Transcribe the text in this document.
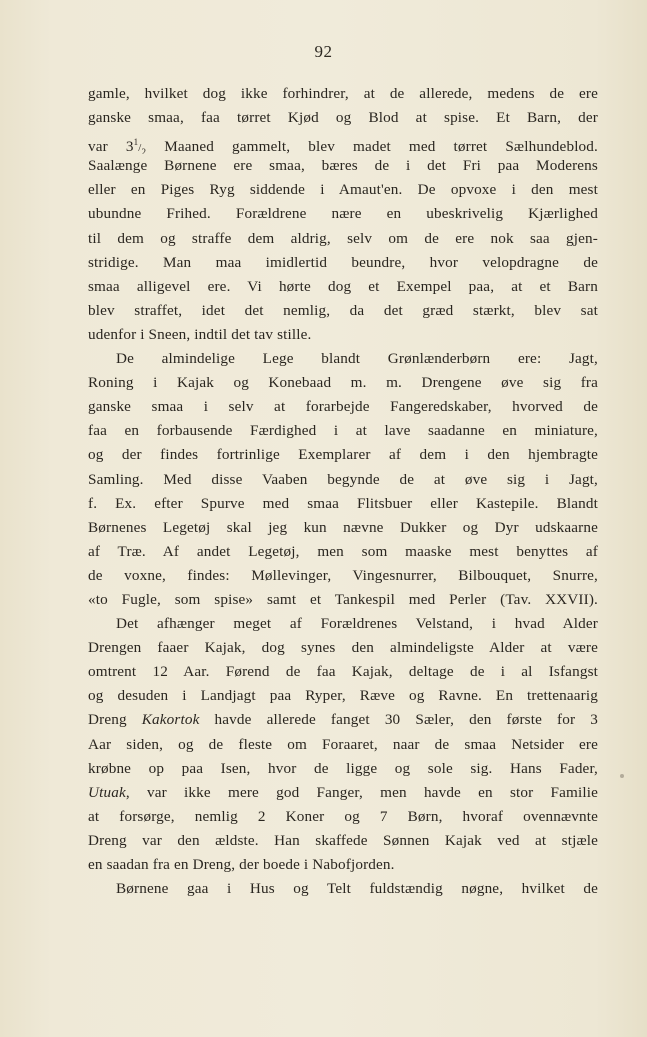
92
gamle, hvilket dog ikke forhindrer, at de allerede, medens de ere
ganske smaa, faa tørret Kjød og Blod at spise. Et Barn, der
var $3^1/_2$ Maaned gammelt, blev madet med tørret Sælhundeblod.
Saalænge Børnene ere smaa, bæres de i det Fri paa Moderens
eller en Piges Ryg siddende i Amaut'en. De opvoxe i den mest
ubundne Frihed. Forældrene nære en ubeskrivelig Kjærlighed
til dem og straffe dem aldrig, selv om de ere nok saa gjen-
stridige. Man maa imidlertid beundre, hvor velopdragne de
smaa alligevel ere. Vi hørte dog et Exempel paa, at et Barn
blev straffet, idet det nemlig, da det græd stærkt, blev sat
udenfor i Sneen, indtil det tav stille.
De almindelige Lege blandt Grønlænderbørn ere: Jagt,
Roning i Kajak og Konebaad m. m. Drengene øve sig fra
ganske smaa i selv at forarbejde Fangeredskaber, hvorved de
faa en forbausende Færdighed i at lave saadanne en miniature,
og der findes fortrinlige Exemplarer af dem i den hjembragte
Samling. Med disse Vaaben begynde de at øve sig i Jagt,
f. Ex. efter Spurve med smaa Flitsbuer eller Kastepile. Blandt
Børnenes Legetøj skal jeg kun nævne Dukker og Dyr udskaarne
af Træ. Af andet Legetøj, men som maaske mest benyttes af
de voxne, findes: Møllevinger, Vingesnurrer, Bilbouquet, Snurre,
«to Fugle, som spise» samt et Tankespil med Perler (Tav. XXVII).
Det afhænger meget af Forældrenes Velstand, i hvad Alder
Drengen faaer Kajak, dog synes den almindeligste Alder at være
omtrent 12 Aar. Førend de faa Kajak, deltage de i al Isfangst
og desuden i Landjagt paa Ryper, Ræve og Ravne. En trettenaarig
Dreng Kakortok havde allerede fanget 30 Sæler, den første for 3
Aar siden, og de fleste om Foraaret, naar de smaa Netsider ere
krøbne op paa Isen, hvor de ligge og sole sig. Hans Fader,
Utuak, var ikke mere god Fanger, men havde en stor Familie
at forsørge, nemlig 2 Koner og 7 Børn, hvoraf ovennævnte
Dreng var den ældste. Han skaffede Sønnen Kajak ved at stjæle
en saadan fra en Dreng, der boede i Nabofjorden.
Børnene gaa i Hus og Telt fuldstændig nøgne, hvilket de
